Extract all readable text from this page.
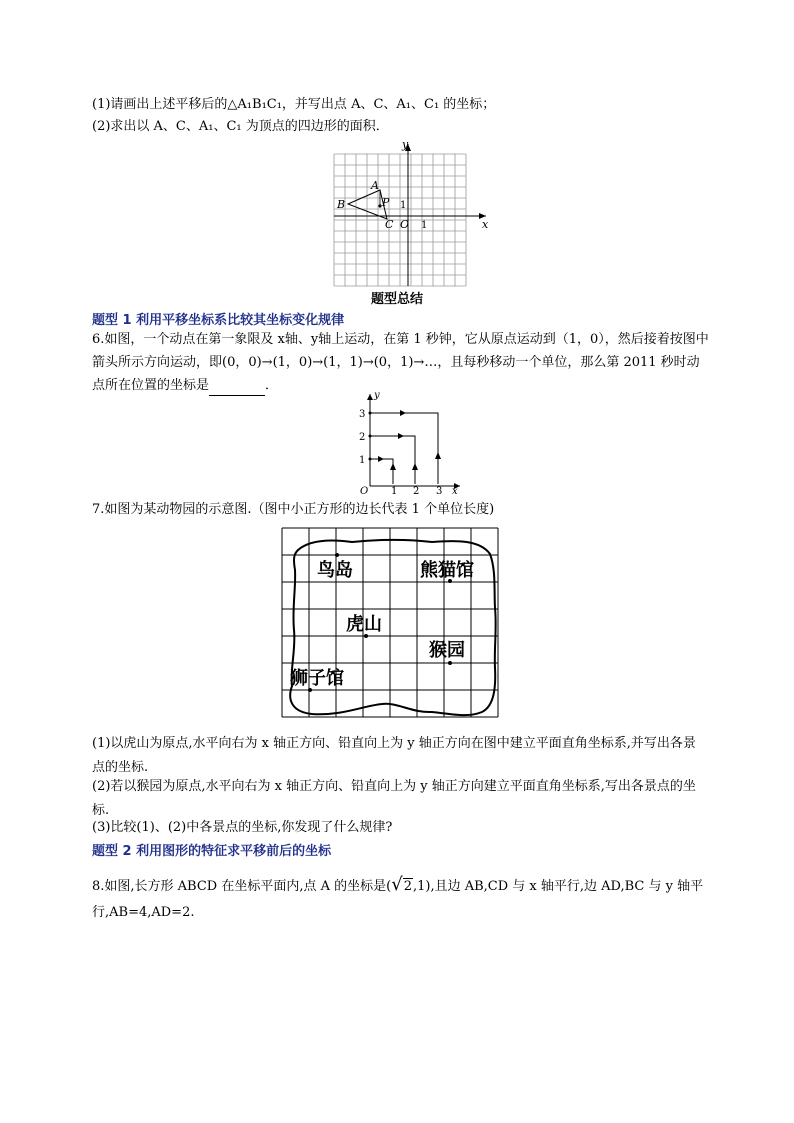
(1)请画出上述平移后的△A₁B₁C₁，并写出点 A、C、A₁、C₁ 的坐标；
(2)求出以 A、C、A₁、C₁ 为顶点的四边形的面积．
y
x
A
B	P
C O
1
1
题型总结
题型 1 利用平移坐标系比较其坐标变化规律
6.如图，一个动点在第一象限及 x轴、y轴上运动，在第 1 秒钟，它从原点运动到（1，0），然后接着按图中
箭头所示方向运动，即(0，0)→(1，0)→(1，1)→(0，1)→…，且每秒移动一个单位，那么第 2011 秒时动
点所在位置的坐标是	．
3
2
1
O 1 2 3 x
y
7.如图为某动物园的示意图.（图中小正方形的边长代表 1 个单位长度)
鸟岛	熊猫馆
虎山
猴园
狮子馆
(1)以虎山为原点,水平向右为 x 轴正方向、铅直向上为 y 轴正方向在图中建立平面直角坐标系,并写出各景
点的坐标.
(2)若以猴园为原点,水平向右为 x 轴正方向、铅直向上为 y 轴正方向建立平面直角坐标系,写出各景点的坐
标.
(3)比较(1)、(2)中各景点的坐标,你发现了什么规律?
题型 2 利用图形的特征求平移前后的坐标
8.如图,长方形 ABCD 在坐标平面内,点 A 的坐标是(√2,1),且边 AB,CD 与 x 轴平行,边 AD,BC 与 y 轴平
行,AB=4,AD=2.
